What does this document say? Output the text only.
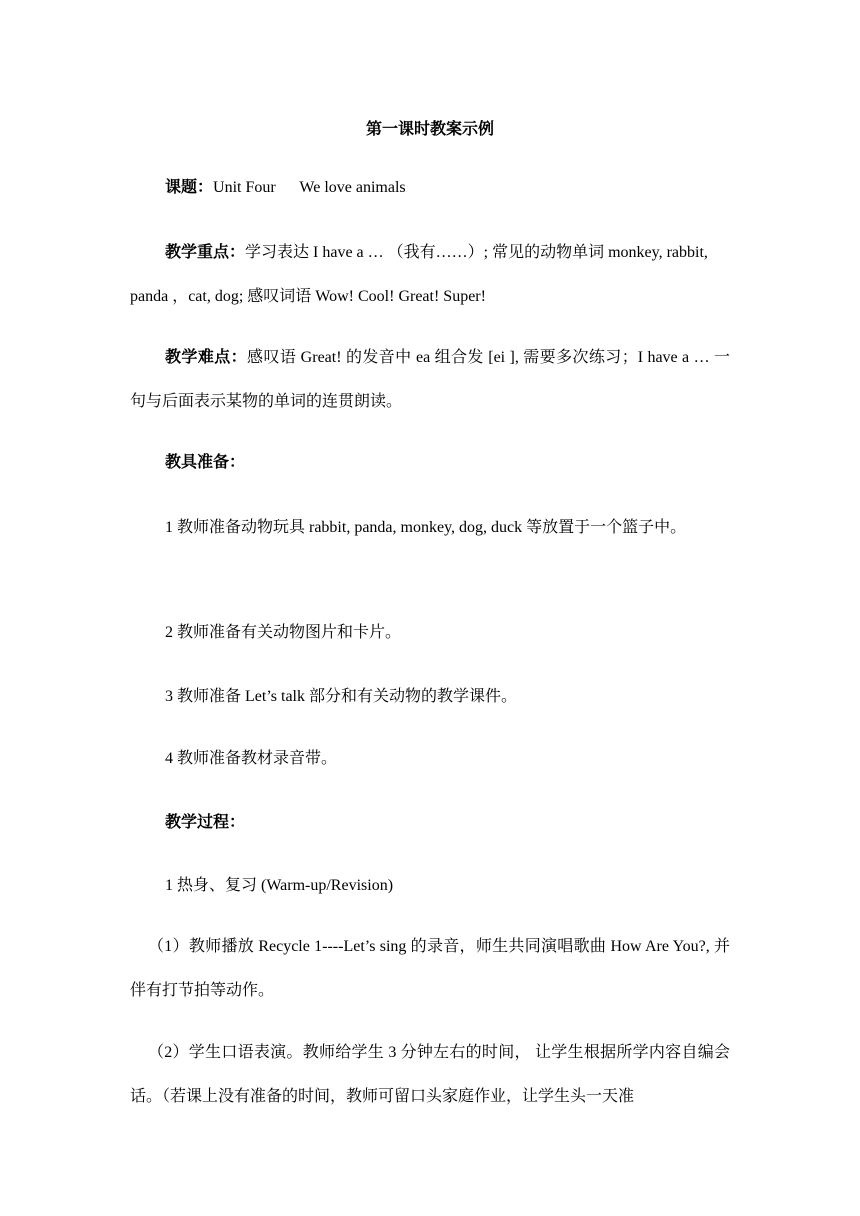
第一课时教案示例
课题：Unit Four      We love animals
教学重点：学习表达 I have a … （我有……）; 常见的动物单词 monkey, rabbit, panda ，cat, dog; 感叹词语 Wow! Cool! Great! Super!
教学难点：感叹语 Great! 的发音中 ea 组合发 [ei ], 需要多次练习；I have a … 一句与后面表示某物的单词的连贯朗读。
教具准备：
1 教师准备动物玩具 rabbit, panda, monkey, dog, duck 等放置于一个篮子中。
2 教师准备有关动物图片和卡片。
3 教师准备 Let’s talk 部分和有关动物的教学课件。
4 教师准备教材录音带。
教学过程：
1 热身、复习 (Warm-up/Revision)
（1）教师播放 Recycle 1----Let’s sing 的录音，师生共同演唱歌曲 How Are You?, 并伴有打节拍等动作。
（2）学生口语表演。教师给学生 3 分钟左右的时间， 让学生根据所学内容自编会话。（若课上没有准备的时间，教师可留口头家庭作业，让学生头一天准
